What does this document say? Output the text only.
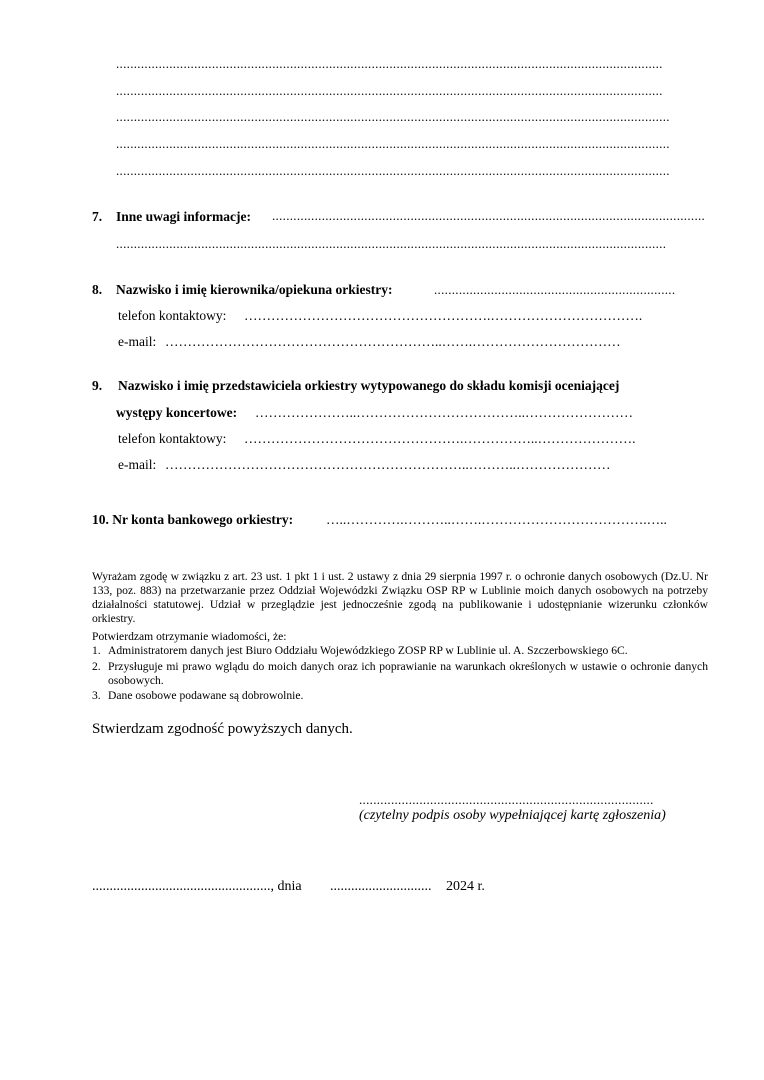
..........................................................................................................................................................
..........................................................................................................................................................
............................................................................................................................................................
............................................................................................................................................................
............................................................................................................................................................
7. Inne uwagi informacje: ..........................................................................................................................
...........................................................................................................................................................
8. Nazwisko i imię kierownika/opiekuna orkiestry:	....................................................................
telefon kontaktowy: ……………………………………………….…………………………….
e-mail: ……………………………………………………..…….……………………………
9. Nazwisko i imię przedstawiciela orkiestry wytypowanego do składu komisji oceniającej
występy koncertowe: …………………..………………………………..……………………
telefon kontaktowy: ………………………………………….……………..………………….
e-mail: …………………………………………………………..………..…………………
10. Nr konta bankowego orkiestry: …..………….………..…….……………………………….…..
Wyrażam zgodę w związku z art. 23 ust. 1 pkt 1 i ust. 2 ustawy z dnia 29 sierpnia 1997 r. o ochronie danych osobowych (Dz.U. Nr 133, poz. 883) na przetwarzanie przez Oddział Wojewódzki Związku OSP RP w Lublinie moich danych osobowych na potrzeby działalności statutowej. Udział w przeglądzie jest jednocześnie zgodą na publikowanie i udostępnianie wizerunku członków orkiestry.
Potwierdzam otrzymanie wiadomości, że:
1. Administratorem danych jest Biuro Oddziału Wojewódzkiego ZOSP RP w Lublinie ul. A. Szczerbowskiego 6C.
2. Przysługuje mi prawo wglądu do moich danych oraz ich poprawianie na warunkach określonych w ustawie o ochronie danych osobowych.
3. Dane osobowe podawane są dobrowolnie.
Stwierdzam zgodność powyższych danych.
...................................................................................
(czytelny podpis osoby wypełniającej kartę zgłoszenia)
..................................................., dnia ............................. 2024 r.
